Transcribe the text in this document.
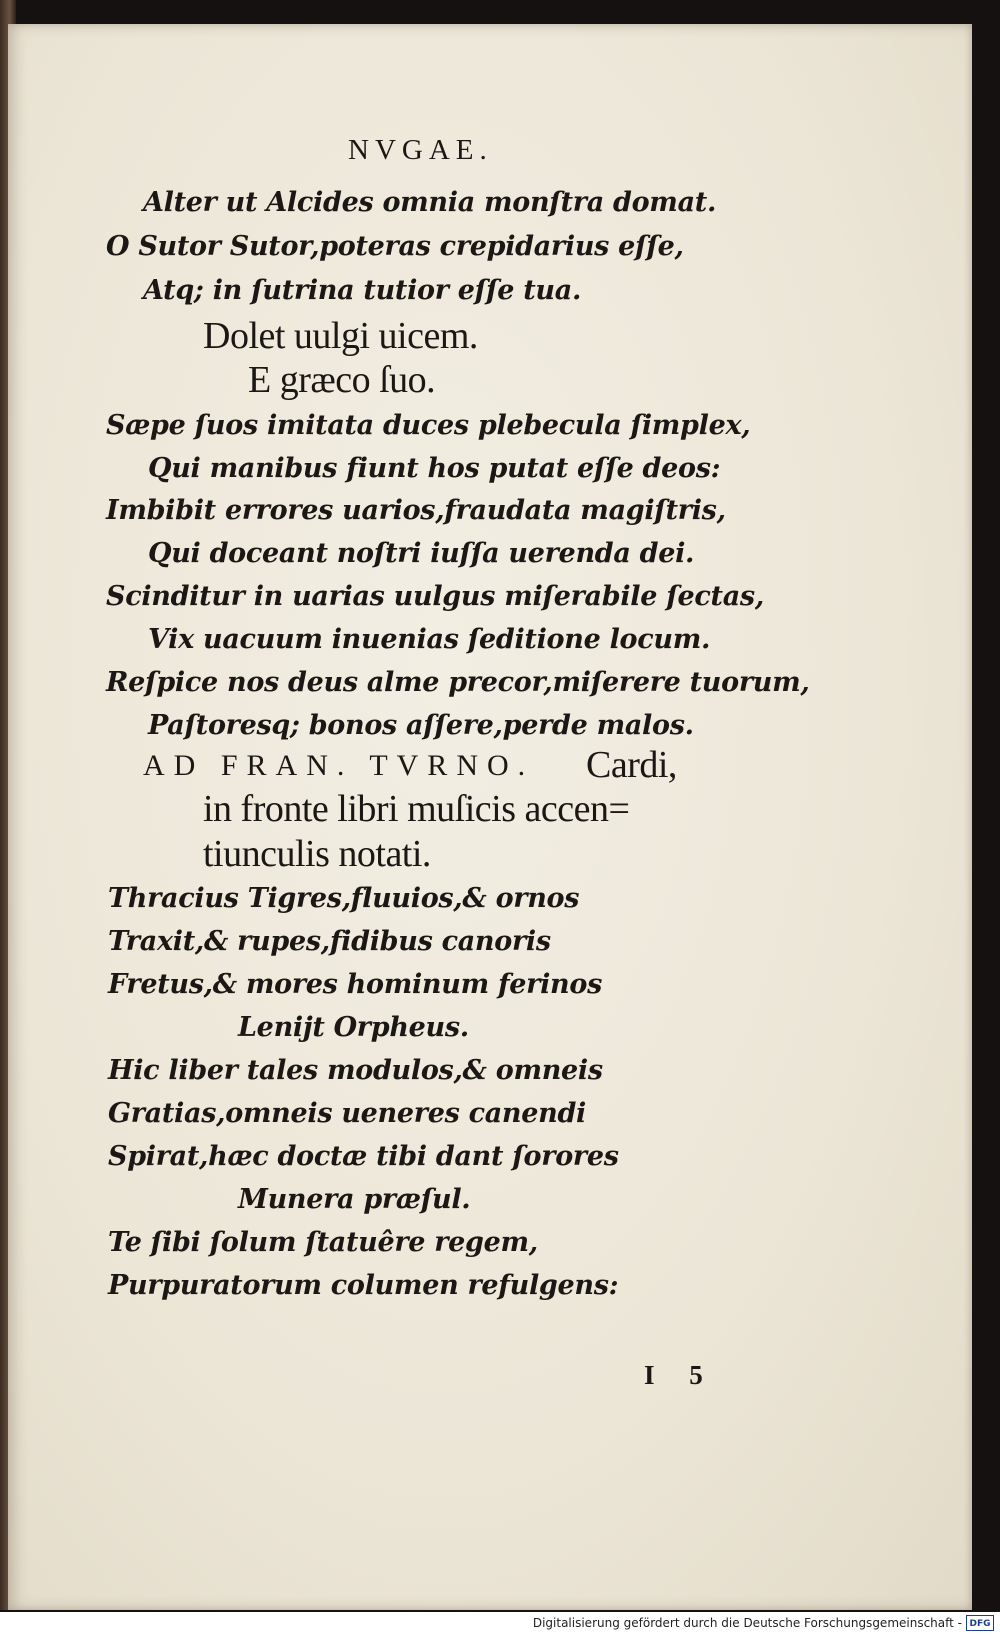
NVGAE.
Alter ut Alcides omnia monſtra domat.
O Sutor Sutor,poteras crepidarius eſſe,
Atq; in ſutrina tutior eſſe tua.
Dolet uulgi uicem.
E græco ſuo.
Sæpe ſuos imitata duces plebecula ſimplex,
Qui manibus fiunt hos putat eſſe deos:
Imbibit errores uarios,fraudata magiſtris,
Qui doceant noſtri iuſſa uerenda dei.
Scinditur in uarias uulgus miſerabile ſectas,
Vix uacuum inuenias ſeditione locum.
Reſpice nos deus alme precor,miſerere tuorum,
Paſtoresq; bonos aſſere,perde malos.
AD FRAN. TVRNO. Cardi,
in fronte libri muſicis accen=
tiunculis notati.
Thracius Tigres,fluuios,& ornos
Traxit,& rupes,fidibus canoris
Fretus,& mores hominum ferinos
Lenijt Orpheus.
Hic liber tales modulos,& omneis
Gratias,omneis ueneres canendi
Spirat,hæc doctæ tibi dant ſorores
Munera præſul.
Te ſibi ſolum ſtatuêre regem,
Purpuratorum columen refulgens:
I 5
Digitalisierung gefördert durch die Deutsche Forschungsgemeinschaft - DFG
